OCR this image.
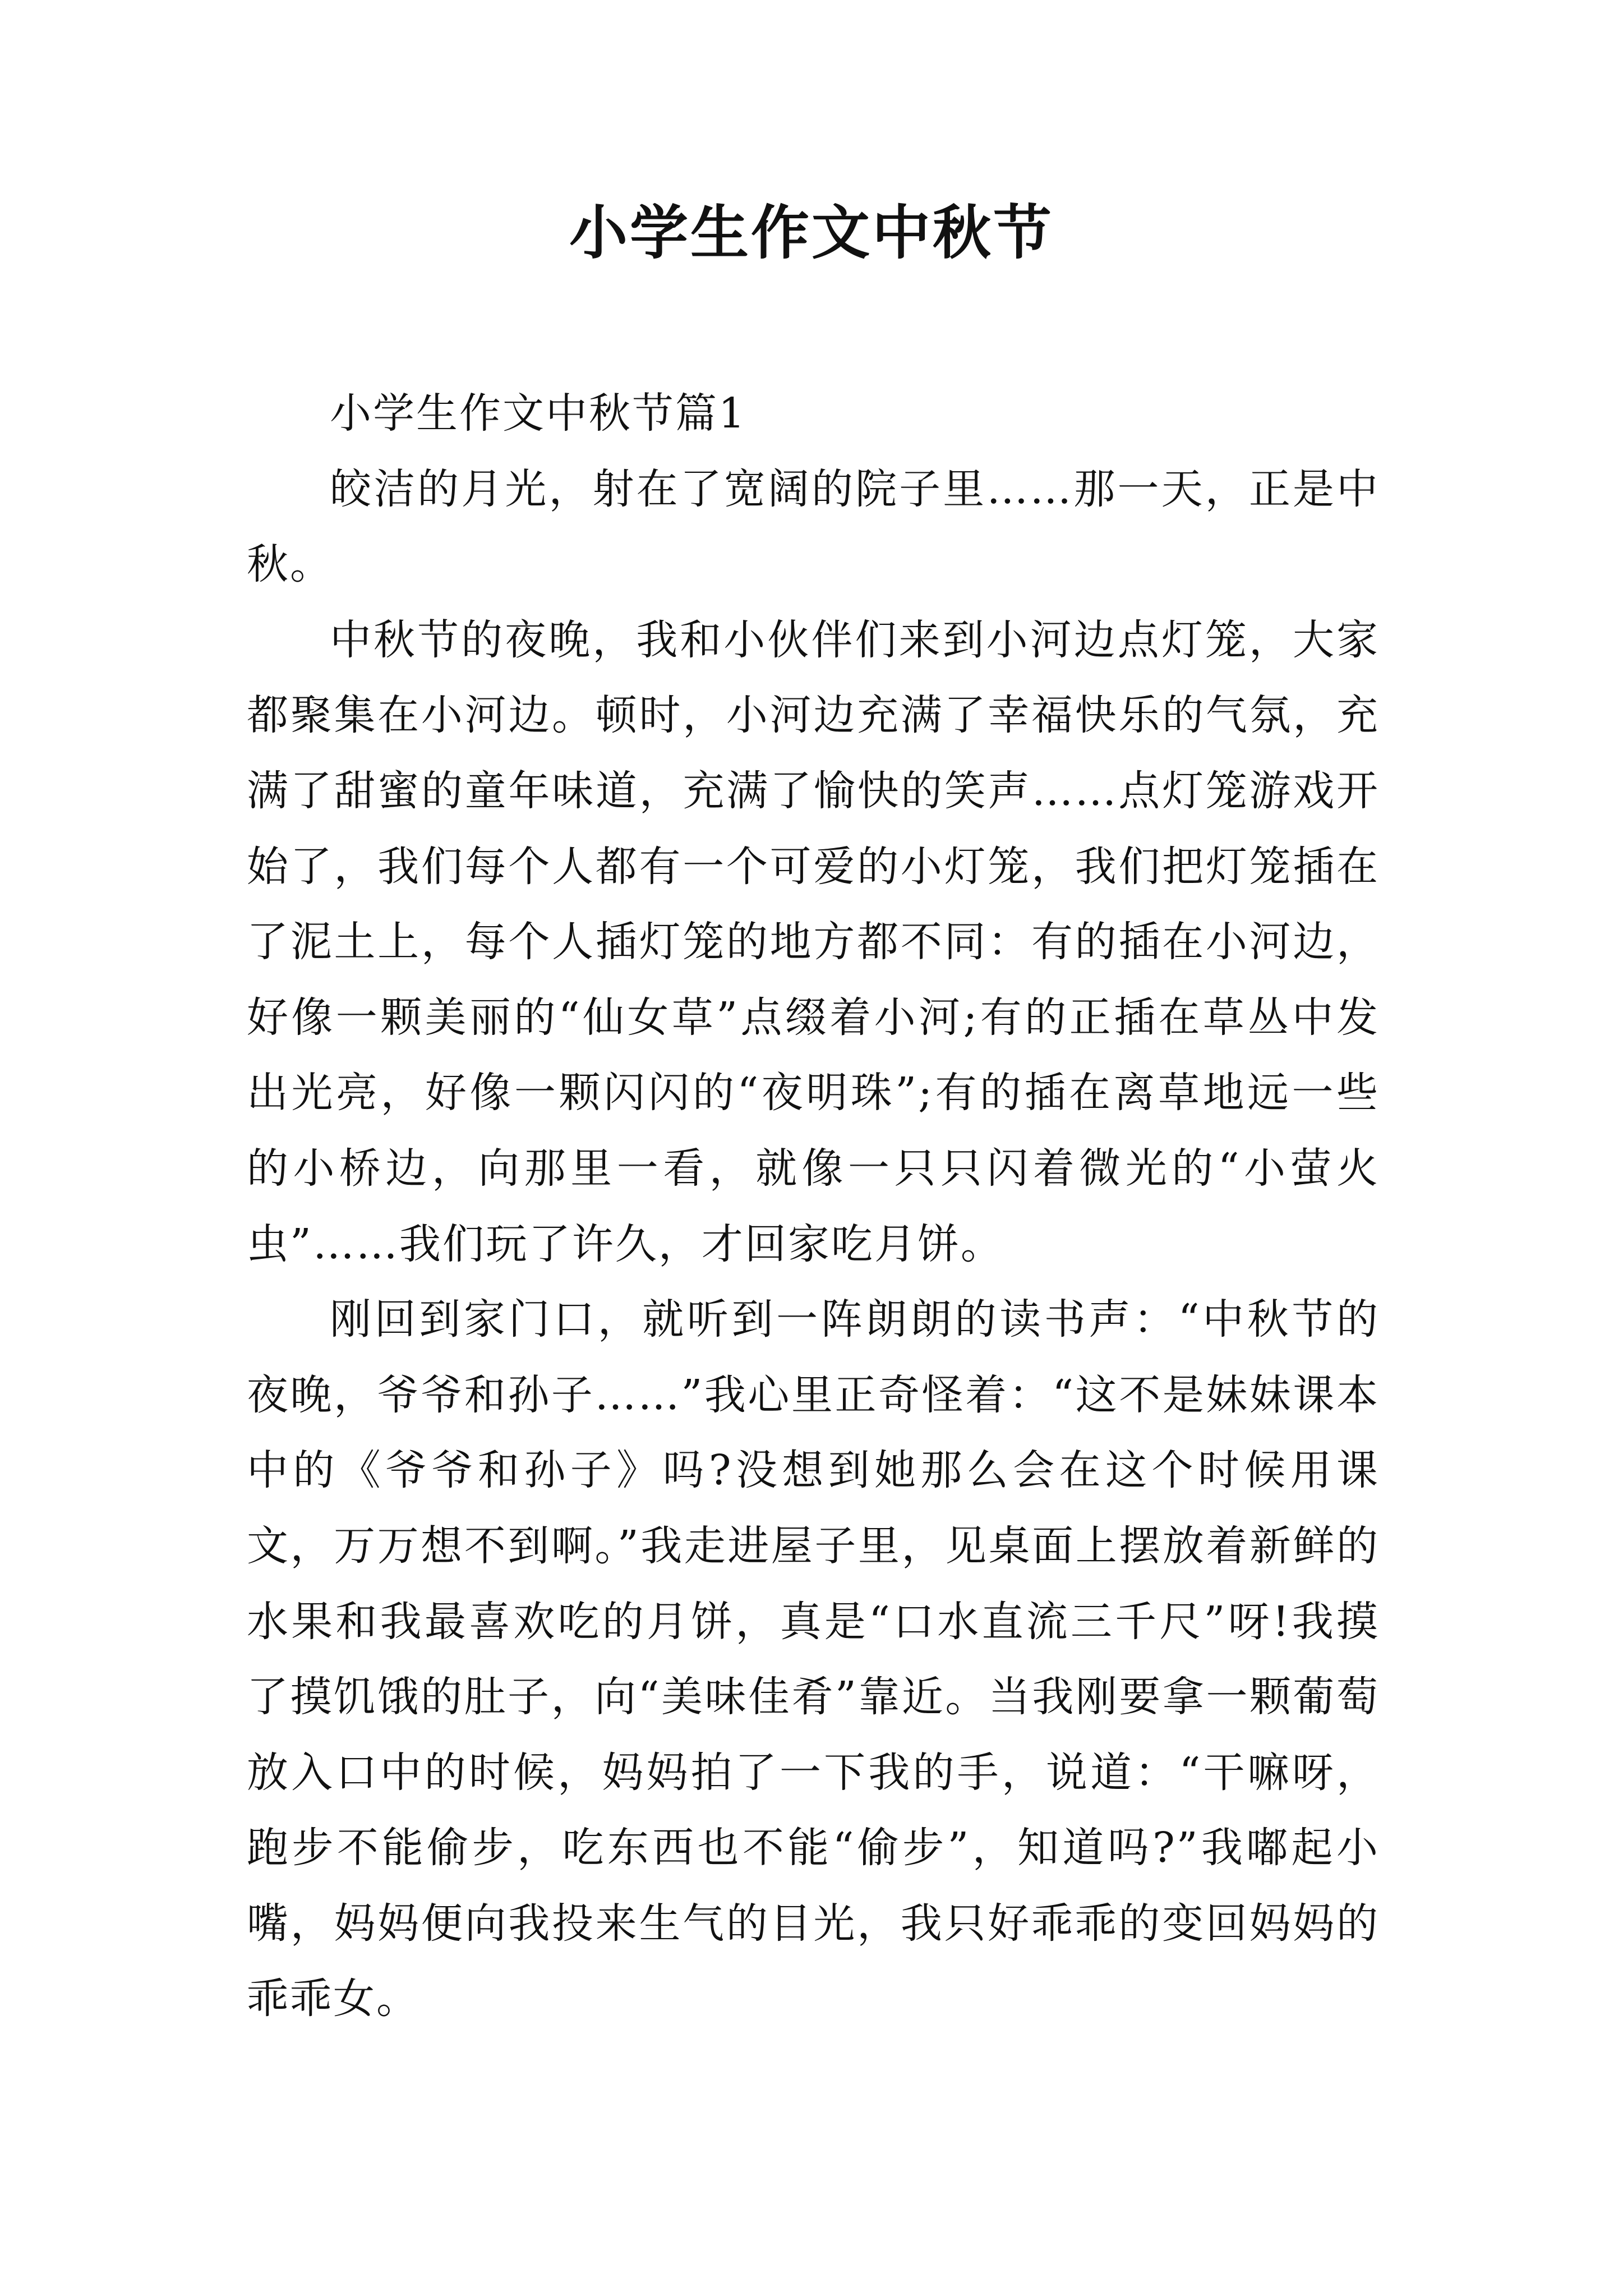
小学生作文中秋节

小学生作文中秋节篇1

皎洁的月光，射在了宽阔的院子里……那一天，正是中秋。

中秋节的夜晚，我和小伙伴们来到小河边点灯笼，大家都聚集在小河边。顿时，小河边充满了幸福快乐的气氛，充满了甜蜜的童年味道，充满了愉快的笑声……点灯笼游戏开始了，我们每个人都有一个可爱的小灯笼，我们把灯笼插在了泥土上，每个人插灯笼的地方都不同：有的插在小河边，好像一颗美丽的“仙女草”点缀着小河;有的正插在草丛中发出光亮，好像一颗闪闪的“夜明珠”;有的插在离草地远一些的小桥边，向那里一看，就像一只只闪着微光的“小萤火虫”……我们玩了许久，才回家吃月饼。

刚回到家门口，就听到一阵朗朗的读书声：“中秋节的夜晚，爷爷和孙子……”我心里正奇怪着：“这不是妹妹课本中的《爷爷和孙子》吗?没想到她那么会在这个时候用课文，万万想不到啊。”我走进屋子里，见桌面上摆放着新鲜的水果和我最喜欢吃的月饼，真是“口水直流三千尺”呀!我摸了摸饥饿的肚子，向“美味佳肴”靠近。当我刚要拿一颗葡萄放入口中的时候，妈妈拍了一下我的手，说道：“干嘛呀，跑步不能偷步，吃东西也不能“偷步”，知道吗?”我嘟起小嘴，妈妈便向我投来生气的目光，我只好乖乖的变回妈妈的乖乖女。
